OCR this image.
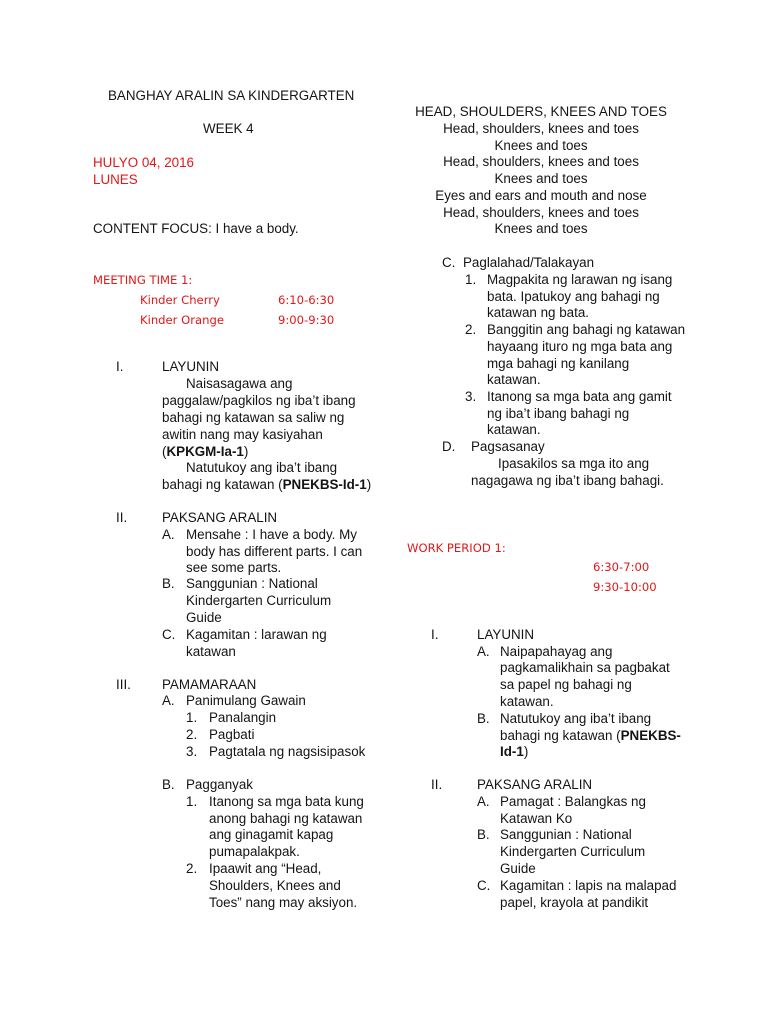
BANGHAY ARALIN SA KINDERGARTEN
WEEK 4
HULYO 04, 2016
LUNES
CONTENT FOCUS: I have a body.
MEETING TIME 1:
Kinder Cherry	6:10-6:30
Kinder Orange	9:00-9:30
I.	LAYUNIN
Naisasagawa ang
paggalaw/pagkilos ng iba’t ibang
bahagi ng katawan sa saliw ng
awitin nang may kasiyahan
(KPKGM-Ia-1)
Natutukoy ang iba’t ibang
bahagi ng katawan (PNEKBS-Id-1)
II.	PAKSANG ARALIN
A. Mensahe : I have a body. My
body has different parts. I can
see some parts.
B. Sanggunian : National
Kindergarten Curriculum
Guide
C. Kagamitan : larawan ng
katawan
III. PAMAMARAAN
A. Panimulang Gawain
1. Panalangin
2. Pagbati
3. Pagtatala ng nagsisipasok
B. Pagganyak
1. Itanong sa mga bata kung
anong bahagi ng katawan
ang ginagamit kapag
pumapalakpak.
2. Ipaawit ang “Head,
Shoulders, Knees and
Toes” nang may aksiyon.
HEAD, SHOULDERS, KNEES AND TOES
Head, shoulders, knees and toes
Knees and toes
Head, shoulders, knees and toes
Knees and toes
Eyes and ears and mouth and nose
Head, shoulders, knees and toes
Knees and toes
C. Paglalahad/Talakayan
1. Magpakita ng larawan ng isang
bata. Ipatukoy ang bahagi ng
katawan ng bata.
2. Banggitin ang bahagi ng katawan
hayaang ituro ng mga bata ang
mga bahagi ng kanilang
katawan.
3. Itanong sa mga bata ang gamit
ng iba’t ibang bahagi ng
katawan.
D. Pagsasanay
Ipasakilos sa mga ito ang
nagagawa ng iba’t ibang bahagi.
WORK PERIOD 1:
6:30-7:00
9:30-10:00
I.	LAYUNIN
A. Naipapahayag ang
pagkamalikhain sa pagbakat
sa papel ng bahagi ng
katawan.
B. Natutukoy ang iba’t ibang
bahagi ng katawan (PNEKBS-
Id-1)
II.	PAKSANG ARALIN
A. Pamagat : Balangkas ng
Katawan Ko
B. Sanggunian : National
Kindergarten Curriculum
Guide
C. Kagamitan : lapis na malapad
papel, krayola at pandikit
